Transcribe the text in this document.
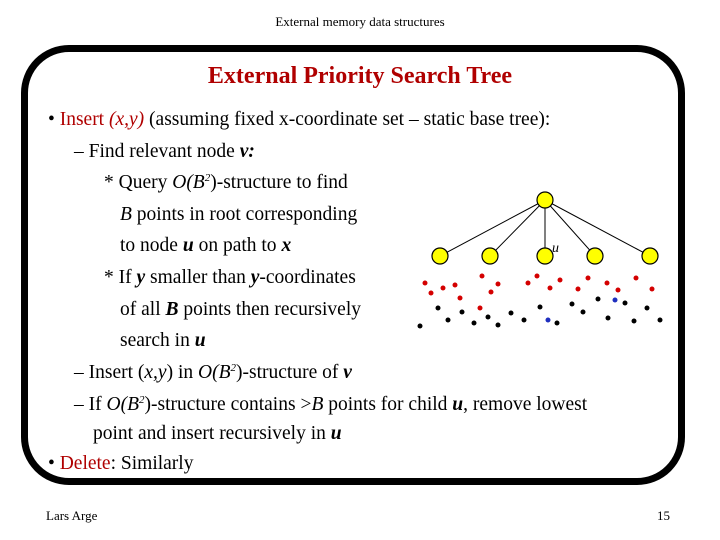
External memory data structures
External Priority Search Tree
• Insert (x,y) (assuming fixed x-coordinate set – static base tree):
– Find relevant node v:
* Query $O(B^2)$-structure to find
B points in root corresponding
to node u on path to x
* If y smaller than y-coordinates
of all B points then recursively
search in u
– Insert (x,y) in $O(B^2)$-structure of v
– If $O(B^2)$-structure contains >B points for child u, remove lowest
point and insert recursively in u
• Delete: Similarly
u
Lars Arge	15
